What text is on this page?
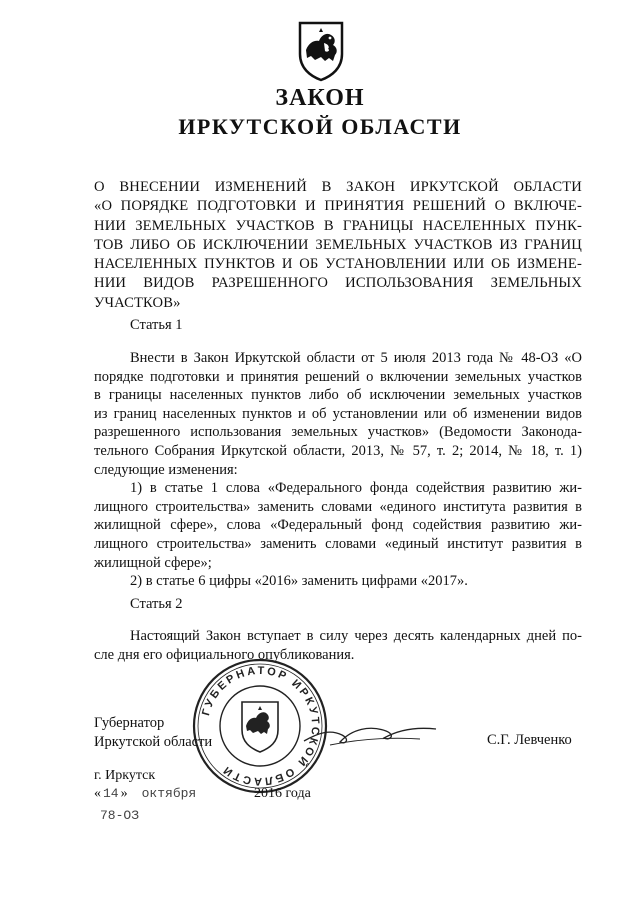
ЗАКОН
ИРКУТСКОЙ ОБЛАСТИ
О ВНЕСЕНИИ ИЗМЕНЕНИЙ В ЗАКОН ИРКУТСКОЙ ОБЛАСТИ
«О ПОРЯДКЕ ПОДГОТОВКИ И ПРИНЯТИЯ РЕШЕНИЙ О ВКЛЮЧЕ-
НИИ ЗЕМЕЛЬНЫХ УЧАСТКОВ В ГРАНИЦЫ НАСЕЛЕННЫХ ПУНК-
ТОВ ЛИБО ОБ ИСКЛЮЧЕНИИ ЗЕМЕЛЬНЫХ УЧАСТКОВ ИЗ ГРАНИЦ
НАСЕЛЕННЫХ ПУНКТОВ И ОБ УСТАНОВЛЕНИИ ИЛИ ОБ ИЗМЕНЕ-
НИИ ВИДОВ РАЗРЕШЕННОГО ИСПОЛЬЗОВАНИЯ ЗЕМЕЛЬНЫХ
УЧАСТКОВ»
Статья 1
Внести в Закон Иркутской области от 5 июля 2013 года № 48-ОЗ «О
порядке подготовки и принятия решений о включении земельных участков
в границы населенных пунктов либо об исключении земельных участков
из границ населенных пунктов и об установлении или об изменении видов
разрешенного использования земельных участков» (Ведомости Законода-
тельного Собрания Иркутской области, 2013, № 57, т. 2; 2014, № 18, т. 1)
следующие изменения:
1) в статье 1 слова «Федерального фонда содействия развитию жи-
лищного строительства» заменить словами «единого института развития в
жилищной сфере», слова «Федеральный фонд содействия развитию жи-
лищного строительства» заменить словами «единый институт развития в
жилищной сфере»;
2) в статье 6 цифры «2016» заменить цифрами «2017».
Статья 2
Настоящий Закон вступает в силу через десять календарных дней по-
сле дня его официального опубликования.
ГУБЕРНАТОР ИРКУТСКОЙ ОБЛАСТИ
Губернатор
Иркутской области	С.Г. Левченко
г. Иркутск
« 14 » октября	2016 года
78-ОЗ
